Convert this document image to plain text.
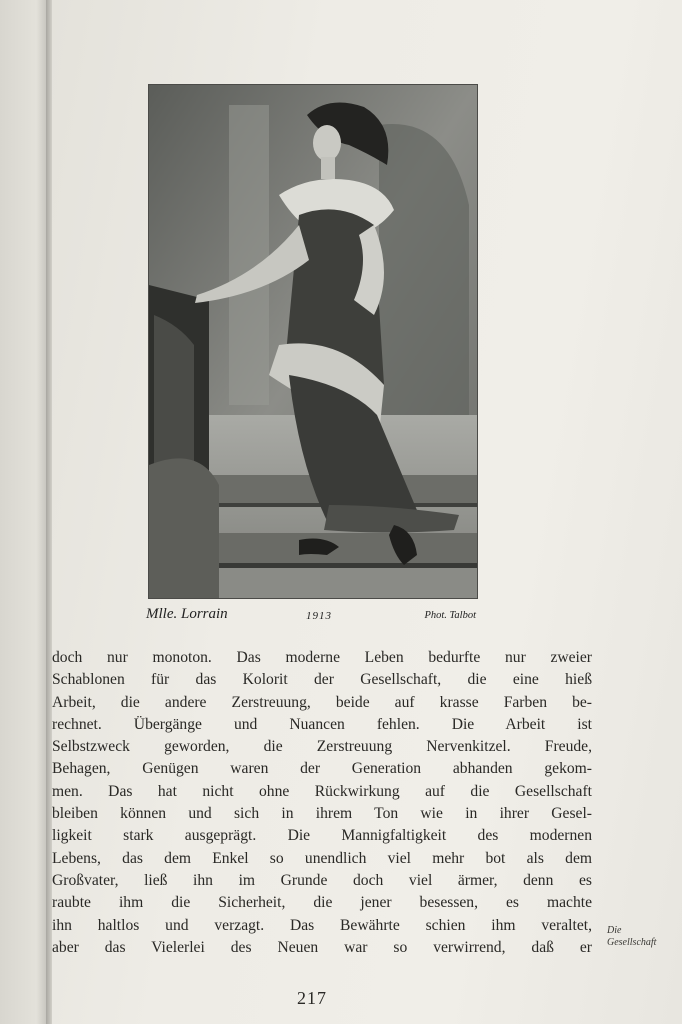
Mlle. Lorrain	1913	Phot. Talbot
doch nur monoton. Das moderne Leben bedurfte nur zweier
Schablonen für das Kolorit der Gesellschaft, die eine hieß
Arbeit, die andere Zerstreuung, beide auf krasse Farben be-
rechnet. Übergänge und Nuancen fehlen. Die Arbeit ist
Selbstzweck geworden, die Zerstreuung Nervenkitzel. Freude,
Behagen, Genügen waren der Generation abhanden gekom-
men. Das hat nicht ohne Rückwirkung auf die Gesellschaft
bleiben können und sich in ihrem Ton wie in ihrer Gesel-
ligkeit stark ausgeprägt. Die Mannigfaltigkeit des modernen
Lebens, das dem Enkel so unendlich viel mehr bot als dem
Großvater, ließ ihn im Grunde doch viel ärmer, denn es
raubte ihm die Sicherheit, die jener besessen, es machte
ihn haltlos und verzagt. Das Bewährte schien ihm veraltet,
aber das Vielerlei des Neuen war so verwirrend, daß er
Die
Gesellschaft
217
